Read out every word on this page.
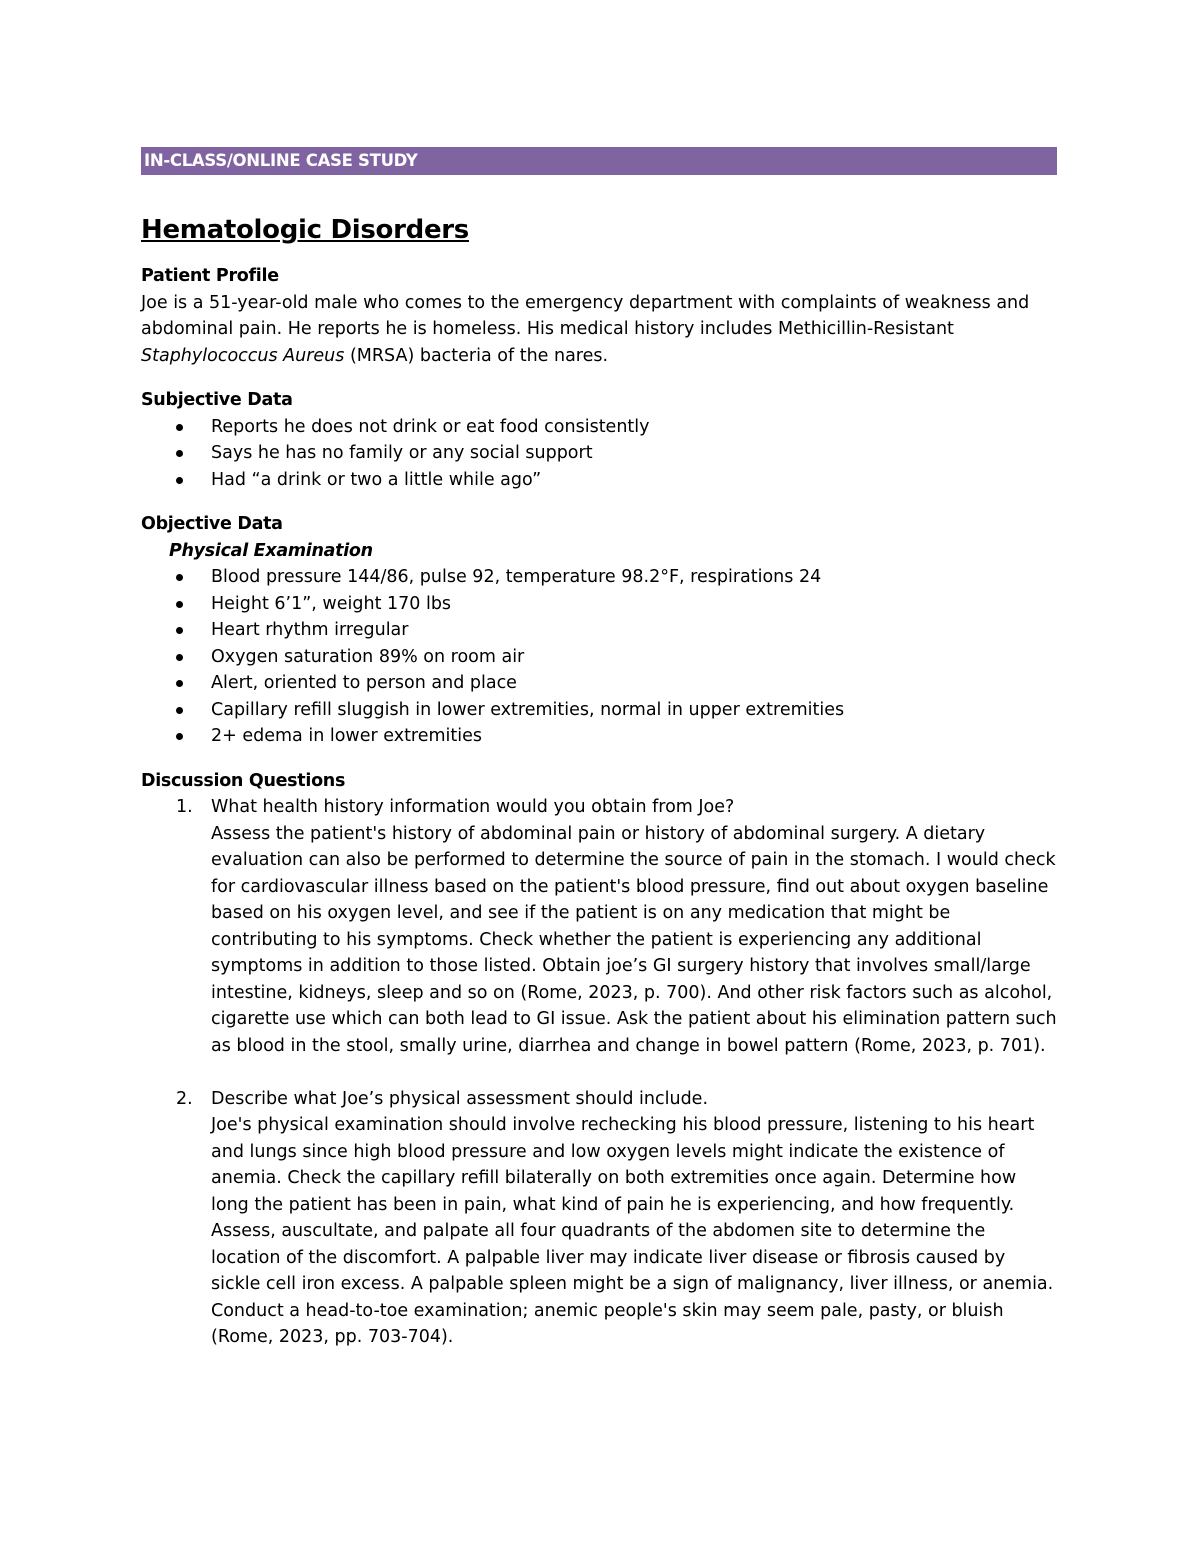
IN-CLASS/ONLINE CASE STUDY
Hematologic Disorders
Patient Profile

Joe is a 51-year-old male who comes to the emergency department with complaints of weakness and abdominal pain. He reports he is homeless. His medical history includes Methicillin-Resistant Staphylococcus Aureus (MRSA) bacteria of the nares.

Subjective Data
Reports he does not drink or eat food consistently
Says he has no family or any social support
Had “a drink or two a little while ago”
Objective Data
Physical Examination
Blood pressure 144/86, pulse 92, temperature 98.2°F, respirations 24
Height 6’1”, weight 170 lbs
Heart rhythm irregular
Oxygen saturation 89% on room air
Alert, oriented to person and place
Capillary refill sluggish in lower extremities, normal in upper extremities
2+ edema in lower extremities
Discussion Questions
1. What health history information would you obtain from Joe?
Assess the patient's history of abdominal pain or history of abdominal surgery. A dietary evaluation can also be performed to determine the source of pain in the stomach. I would check for cardiovascular illness based on the patient's blood pressure, find out about oxygen baseline based on his oxygen level, and see if the patient is on any medication that might be contributing to his symptoms. Check whether the patient is experiencing any additional symptoms in addition to those listed. Obtain joe’s GI surgery history that involves small/large intestine, kidneys, sleep and so on (Rome, 2023, p. 700). And other risk factors such as alcohol, cigarette use which can both lead to GI issue. Ask the patient about his elimination pattern such as blood in the stool, smally urine, diarrhea and change in bowel pattern (Rome, 2023, p. 701).
2. Describe what Joe’s physical assessment should include.
Joe's physical examination should involve rechecking his blood pressure, listening to his heart and lungs since high blood pressure and low oxygen levels might indicate the existence of anemia. Check the capillary refill bilaterally on both extremities once again. Determine how long the patient has been in pain, what kind of pain he is experiencing, and how frequently. Assess, auscultate, and palpate all four quadrants of the abdomen site to determine the location of the discomfort. A palpable liver may indicate liver disease or fibrosis caused by sickle cell iron excess. A palpable spleen might be a sign of malignancy, liver illness, or anemia. Conduct a head-to-toe examination; anemic people's skin may seem pale, pasty, or bluish (Rome, 2023, pp. 703-704).
